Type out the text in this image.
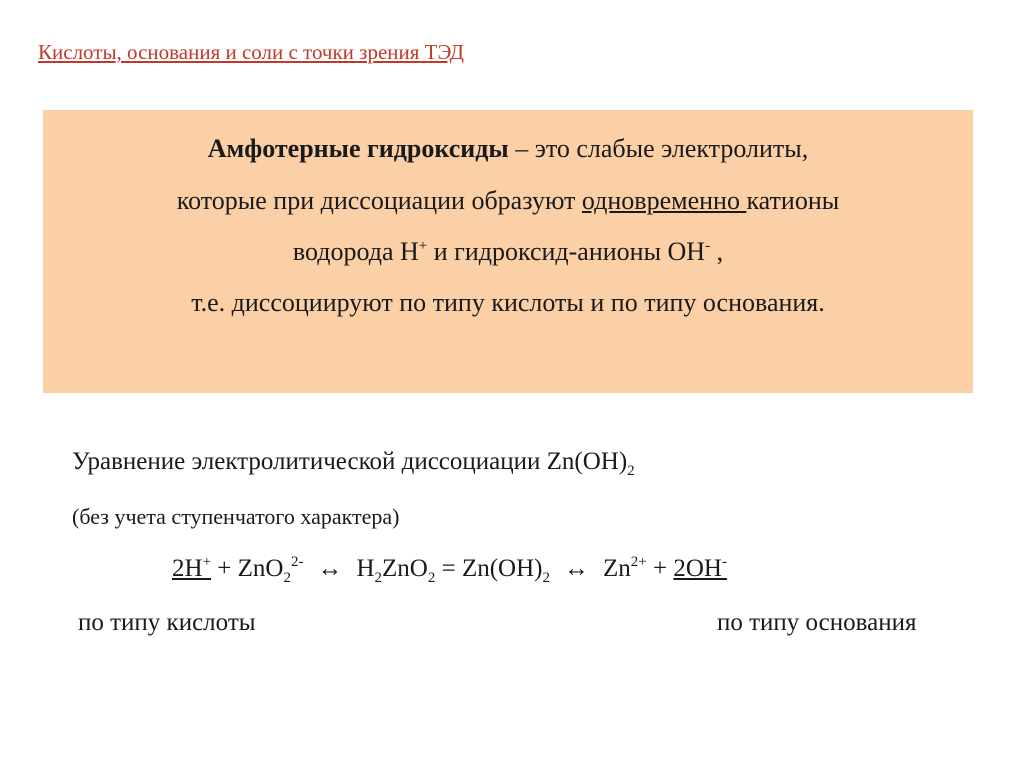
Кислоты, основания и соли с точки зрения ТЭД
Амфотерные гидроксиды – это слабые электролиты,
которые при диссоциации образуют одновременно катионы
водорода Н+ и гидроксид-анионы ОН- ,
т.е. диссоциируют по типу кислоты и по типу основания.
Уравнение электролитической диссоциации $Zn(OH)_2$
(без учета ступенчатого характера)
2H+ + ZnO$_2^{2-}$ ↔ $H_2ZnO_2 = Zn(OH)_2$ ↔ $Zn^{2+} + 2OH^-$
по типу кислоты	по типу основания
